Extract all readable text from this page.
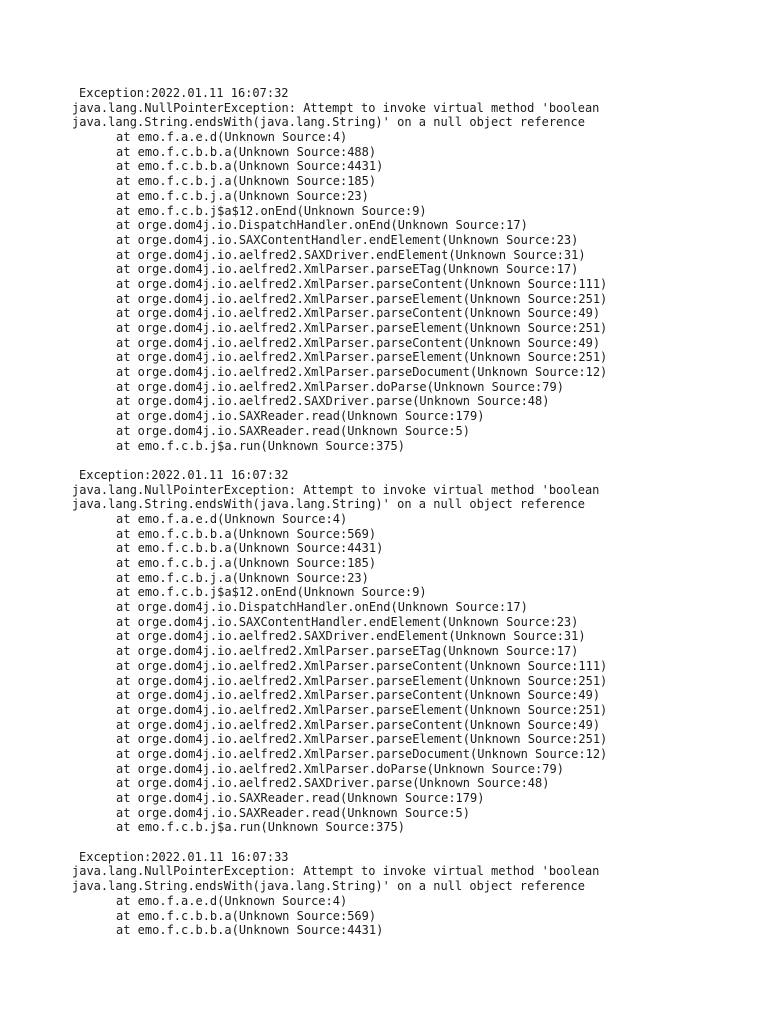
Exception:2022.01.11 16:07:32
java.lang.NullPointerException: Attempt to invoke virtual method 'boolean
java.lang.String.endsWith(java.lang.String)' on a null object reference
at emo.f.a.e.d(Unknown Source:4)
at emo.f.c.b.b.a(Unknown Source:488)
at emo.f.c.b.b.a(Unknown Source:4431)
at emo.f.c.b.j.a(Unknown Source:185)
at emo.f.c.b.j.a(Unknown Source:23)
at emo.f.c.b.j$a$12.onEnd(Unknown Source:9)
at orge.dom4j.io.DispatchHandler.onEnd(Unknown Source:17)
at orge.dom4j.io.SAXContentHandler.endElement(Unknown Source:23)
at orge.dom4j.io.aelfred2.SAXDriver.endElement(Unknown Source:31)
at orge.dom4j.io.aelfred2.XmlParser.parseETag(Unknown Source:17)
at orge.dom4j.io.aelfred2.XmlParser.parseContent(Unknown Source:111)
at orge.dom4j.io.aelfred2.XmlParser.parseElement(Unknown Source:251)
at orge.dom4j.io.aelfred2.XmlParser.parseContent(Unknown Source:49)
at orge.dom4j.io.aelfred2.XmlParser.parseElement(Unknown Source:251)
at orge.dom4j.io.aelfred2.XmlParser.parseContent(Unknown Source:49)
at orge.dom4j.io.aelfred2.XmlParser.parseElement(Unknown Source:251)
at orge.dom4j.io.aelfred2.XmlParser.parseDocument(Unknown Source:12)
at orge.dom4j.io.aelfred2.XmlParser.doParse(Unknown Source:79)
at orge.dom4j.io.aelfred2.SAXDriver.parse(Unknown Source:48)
at orge.dom4j.io.SAXReader.read(Unknown Source:179)
at orge.dom4j.io.SAXReader.read(Unknown Source:5)
at emo.f.c.b.j$a.run(Unknown Source:375)
Exception:2022.01.11 16:07:32
java.lang.NullPointerException: Attempt to invoke virtual method 'boolean
java.lang.String.endsWith(java.lang.String)' on a null object reference
at emo.f.a.e.d(Unknown Source:4)
at emo.f.c.b.b.a(Unknown Source:569)
at emo.f.c.b.b.a(Unknown Source:4431)
at emo.f.c.b.j.a(Unknown Source:185)
at emo.f.c.b.j.a(Unknown Source:23)
at emo.f.c.b.j$a$12.onEnd(Unknown Source:9)
at orge.dom4j.io.DispatchHandler.onEnd(Unknown Source:17)
at orge.dom4j.io.SAXContentHandler.endElement(Unknown Source:23)
at orge.dom4j.io.aelfred2.SAXDriver.endElement(Unknown Source:31)
at orge.dom4j.io.aelfred2.XmlParser.parseETag(Unknown Source:17)
at orge.dom4j.io.aelfred2.XmlParser.parseContent(Unknown Source:111)
at orge.dom4j.io.aelfred2.XmlParser.parseElement(Unknown Source:251)
at orge.dom4j.io.aelfred2.XmlParser.parseContent(Unknown Source:49)
at orge.dom4j.io.aelfred2.XmlParser.parseElement(Unknown Source:251)
at orge.dom4j.io.aelfred2.XmlParser.parseContent(Unknown Source:49)
at orge.dom4j.io.aelfred2.XmlParser.parseElement(Unknown Source:251)
at orge.dom4j.io.aelfred2.XmlParser.parseDocument(Unknown Source:12)
at orge.dom4j.io.aelfred2.XmlParser.doParse(Unknown Source:79)
at orge.dom4j.io.aelfred2.SAXDriver.parse(Unknown Source:48)
at orge.dom4j.io.SAXReader.read(Unknown Source:179)
at orge.dom4j.io.SAXReader.read(Unknown Source:5)
at emo.f.c.b.j$a.run(Unknown Source:375)
Exception:2022.01.11 16:07:33
java.lang.NullPointerException: Attempt to invoke virtual method 'boolean
java.lang.String.endsWith(java.lang.String)' on a null object reference
at emo.f.a.e.d(Unknown Source:4)
at emo.f.c.b.b.a(Unknown Source:569)
at emo.f.c.b.b.a(Unknown Source:4431)
